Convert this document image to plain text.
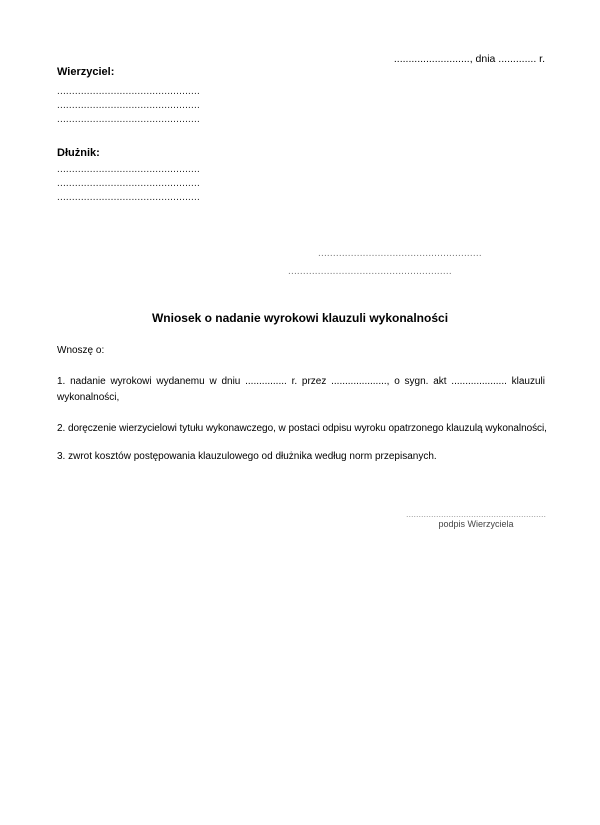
.........................., dnia ............. r.
Wierzyciel:
................................................
................................................
................................................
Dłużnik:
................................................
................................................
................................................
.......................................................
.......................................................
Wniosek o nadanie wyrokowi klauzuli wykonalności
Wnoszę o:

1. nadanie wyrokowi wydanemu w dniu ............... r. przez ...................., o sygn. akt .................... klauzuli wykonalności,

2. doręczenie wierzycielowi tytułu wykonawczego, w postaci odpisu wyroku opatrzonego klauzulą wykonalności,

3. zwrot kosztów postępowania klauzulowego od dłużnika według norm przepisanych.

........................................................
podpis Wierzyciela
